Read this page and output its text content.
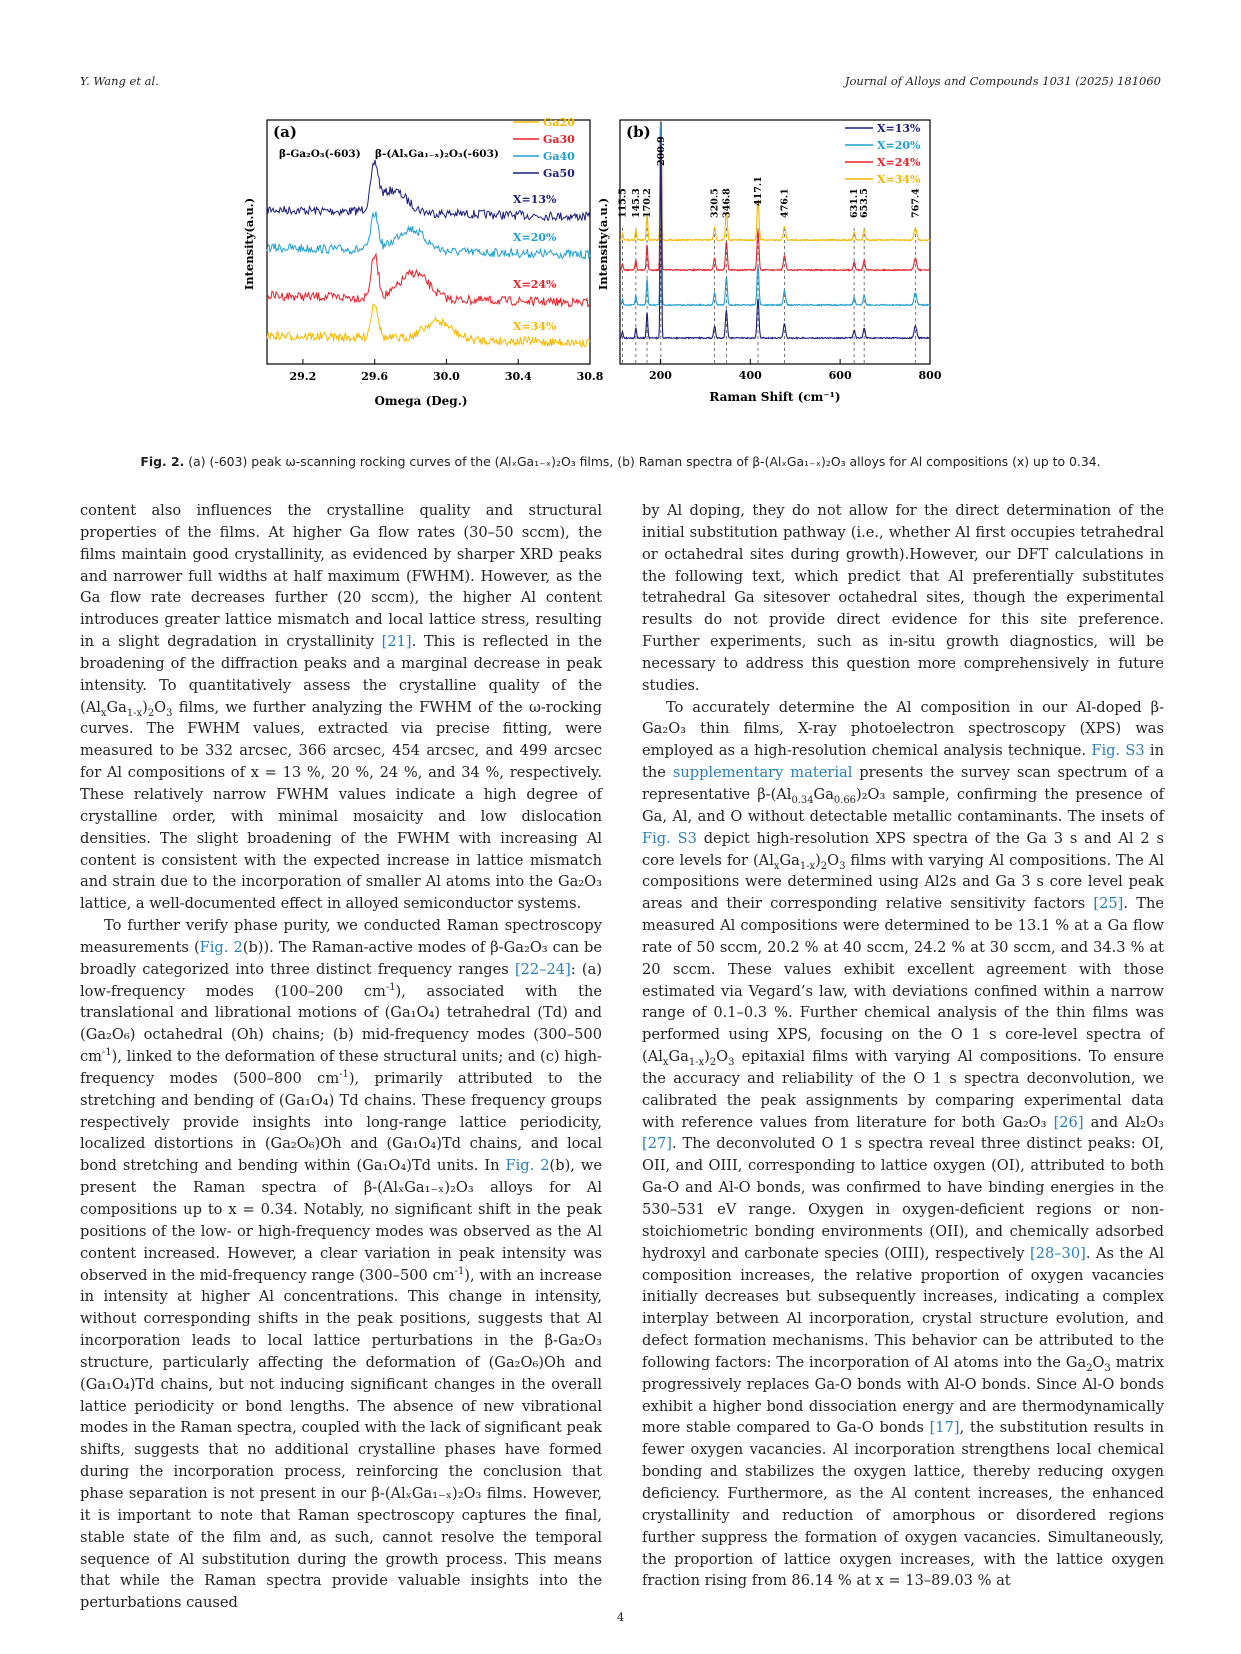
Y. Wang et al.	Journal of Alloys and Compounds 1031 (2025) 181060
(a)
β-Ga₂O₃(-603) β-(AlₓGa₁₋ₓ)₂O₃(-603)
Ga20
Ga30
Ga40
Ga50
X=13%
X=20%
X=24%
X=34%
29.2	29.6	30.0	30.4	30.8
Omega (Deg.)
Intensity(a.u.)
(b)
115.5 145.3 170.2
200.9
320.5 346.8 417.1 476.1	631.1 653.5	767.4
X=13%
X=20%
X=24%
X=34%
200	400	600	800
Raman Shift (cm⁻¹)
Intensity(a.u.)
Fig. 2. (a) (-603) peak ω-scanning rocking curves of the (AlₓGa₁₋ₓ)₂O₃ films, (b) Raman spectra of β-(AlₓGa₁₋ₓ)₂O₃ alloys for Al compositions (x) up to 0.34.

content also influences the crystalline quality and structural properties of the films. At higher Ga flow rates (30–50 sccm), the films maintain good crystallinity, as evidenced by sharper XRD peaks and narrower full widths at half maximum (FWHM). However, as the Ga flow rate decreases further (20 sccm), the higher Al content introduces greater lattice mismatch and local lattice stress, resulting in a slight degradation in crystallinity [21]. This is reflected in the broadening of the diffraction peaks and a marginal decrease in peak intensity. To quantitatively assess the crystalline quality of the $(Al_xGa_{1-x})_2O_3$ films, we further analyzing the FWHM of the ω-rocking curves. The FWHM values, extracted via precise fitting, were measured to be 332 arcsec, 366 arcsec, 454 arcsec, and 499 arcsec for Al compositions of x = 13 %, 20 %, 24 %, and 34 %, respectively. These relatively narrow FWHM values indicate a high degree of crystalline order, with minimal mosaicity and low dislocation densities. The slight broadening of the FWHM with increasing Al content is consistent with the expected increase in lattice mismatch and strain due to the incorporation of smaller Al atoms into the Ga₂O₃ lattice, a well-documented effect in alloyed semiconductor systems.

To further verify phase purity, we conducted Raman spectroscopy measurements (Fig. 2(b)). The Raman-active modes of β-Ga₂O₃ can be broadly categorized into three distinct frequency ranges [22–24]: (a) low-frequency modes (100–200 $cm^{-1}$), associated with the translational and librational motions of (Ga₁O₄) tetrahedral (Td) and (Ga₂O₆) octahedral (Oh) chains; (b) mid-frequency modes (300–500 $cm^{-1}$), linked to the deformation of these structural units; and (c) high-frequency modes (500–800 $cm^{-1}$), primarily attributed to the stretching and bending of (Ga₁O₄) Td chains. These frequency groups respectively provide insights into long-range lattice periodicity, localized distortions in (Ga₂O₆)Oh and (Ga₁O₄)Td chains, and local bond stretching and bending within (Ga₁O₄)Td units. In Fig. 2(b), we present the Raman spectra of β-(AlₓGa₁₋ₓ)₂O₃ alloys for Al compositions up to x = 0.34. Notably, no significant shift in the peak positions of the low- or high-frequency modes was observed as the Al content increased. However, a clear variation in peak intensity was observed in the mid-frequency range (300–500 $cm^{-1}$), with an increase in intensity at higher Al concentrations. This change in intensity, without corresponding shifts in the peak positions, suggests that Al incorporation leads to local lattice perturbations in the β-Ga₂O₃ structure, particularly affecting the deformation of (Ga₂O₆)Oh and (Ga₁O₄)Td chains, but not inducing significant changes in the overall lattice periodicity or bond lengths. The absence of new vibrational modes in the Raman spectra, coupled with the lack of significant peak shifts, suggests that no additional crystalline phases have formed during the incorporation process, reinforcing the conclusion that phase separation is not present in our β-(AlₓGa₁₋ₓ)₂O₃ films. However, it is important to note that Raman spectroscopy captures the final, stable state of the film and, as such, cannot resolve the temporal sequence of Al substitution during the growth process. This means that while the Raman spectra provide valuable insights into the perturbations caused

by Al doping, they do not allow for the direct determination of the initial substitution pathway (i.e., whether Al first occupies tetrahedral or octahedral sites during growth).However, our DFT calculations in the following text, which predict that Al preferentially substitutes tetrahedral Ga sitesover octahedral sites, though the experimental results do not provide direct evidence for this site preference. Further experiments, such as in-situ growth diagnostics, will be necessary to address this question more comprehensively in future studies.

To accurately determine the Al composition in our Al-doped β-Ga₂O₃ thin films, X-ray photoelectron spectroscopy (XPS) was employed as a high-resolution chemical analysis technique. Fig. S3 in the supplementary material presents the survey scan spectrum of a representative $\beta-(Al_{0.34}Ga_{0.66})_2O_3$ sample, confirming the presence of Ga, Al, and O without detectable metallic contaminants. The insets of Fig. S3 depict high-resolution XPS spectra of the Ga 3 s and Al 2 s core levels for $(Al_xGa_{1-x})_2O_3$ films with varying Al compositions. The Al compositions were determined using Al2s and Ga 3 s core level peak areas and their corresponding relative sensitivity factors [25]. The measured Al compositions were determined to be 13.1 % at a Ga flow rate of 50 sccm, 20.2 % at 40 sccm, 24.2 % at 30 sccm, and 34.3 % at 20 sccm. These values exhibit excellent agreement with those estimated via Vegard’s law, with deviations confined within a narrow range of 0.1–0.3 %. Further chemical analysis of the thin films was performed using XPS, focusing on the O 1 s core-level spectra of $(Al_xGa_{1-x})_2O_3$ epitaxial films with varying Al compositions. To ensure the accuracy and reliability of the O 1 s spectra deconvolution, we calibrated the peak assignments by comparing experimental data with reference values from literature for both Ga₂O₃ [26] and Al₂O₃ [27]. The deconvoluted O 1 s spectra reveal three distinct peaks: OI, OII, and OIII, corresponding to lattice oxygen (OI), attributed to both Ga-O and Al-O bonds, was confirmed to have binding energies in the 530–531 eV range. Oxygen in oxygen-deficient regions or non-stoichiometric bonding environments (OII), and chemically adsorbed hydroxyl and carbonate species (OIII), respectively [28–30]. As the Al composition increases, the relative proportion of oxygen vacancies initially decreases but subsequently increases, indicating a complex interplay between Al incorporation, crystal structure evolution, and defect formation mechanisms. This behavior can be attributed to the following factors: The incorporation of Al atoms into the $Ga_2O_3$ matrix progressively replaces Ga-O bonds with Al-O bonds. Since Al-O bonds exhibit a higher bond dissociation energy and are thermodynamically more stable compared to Ga-O bonds [17], the substitution results in fewer oxygen vacancies. Al incorporation strengthens local chemical bonding and stabilizes the oxygen lattice, thereby reducing oxygen deficiency. Furthermore, as the Al content increases, the enhanced crystallinity and reduction of amorphous or disordered regions further suppress the formation of oxygen vacancies. Simultaneously, the proportion of lattice oxygen increases, with the lattice oxygen fraction rising from 86.14 % at x = 13–89.03 % at

4
